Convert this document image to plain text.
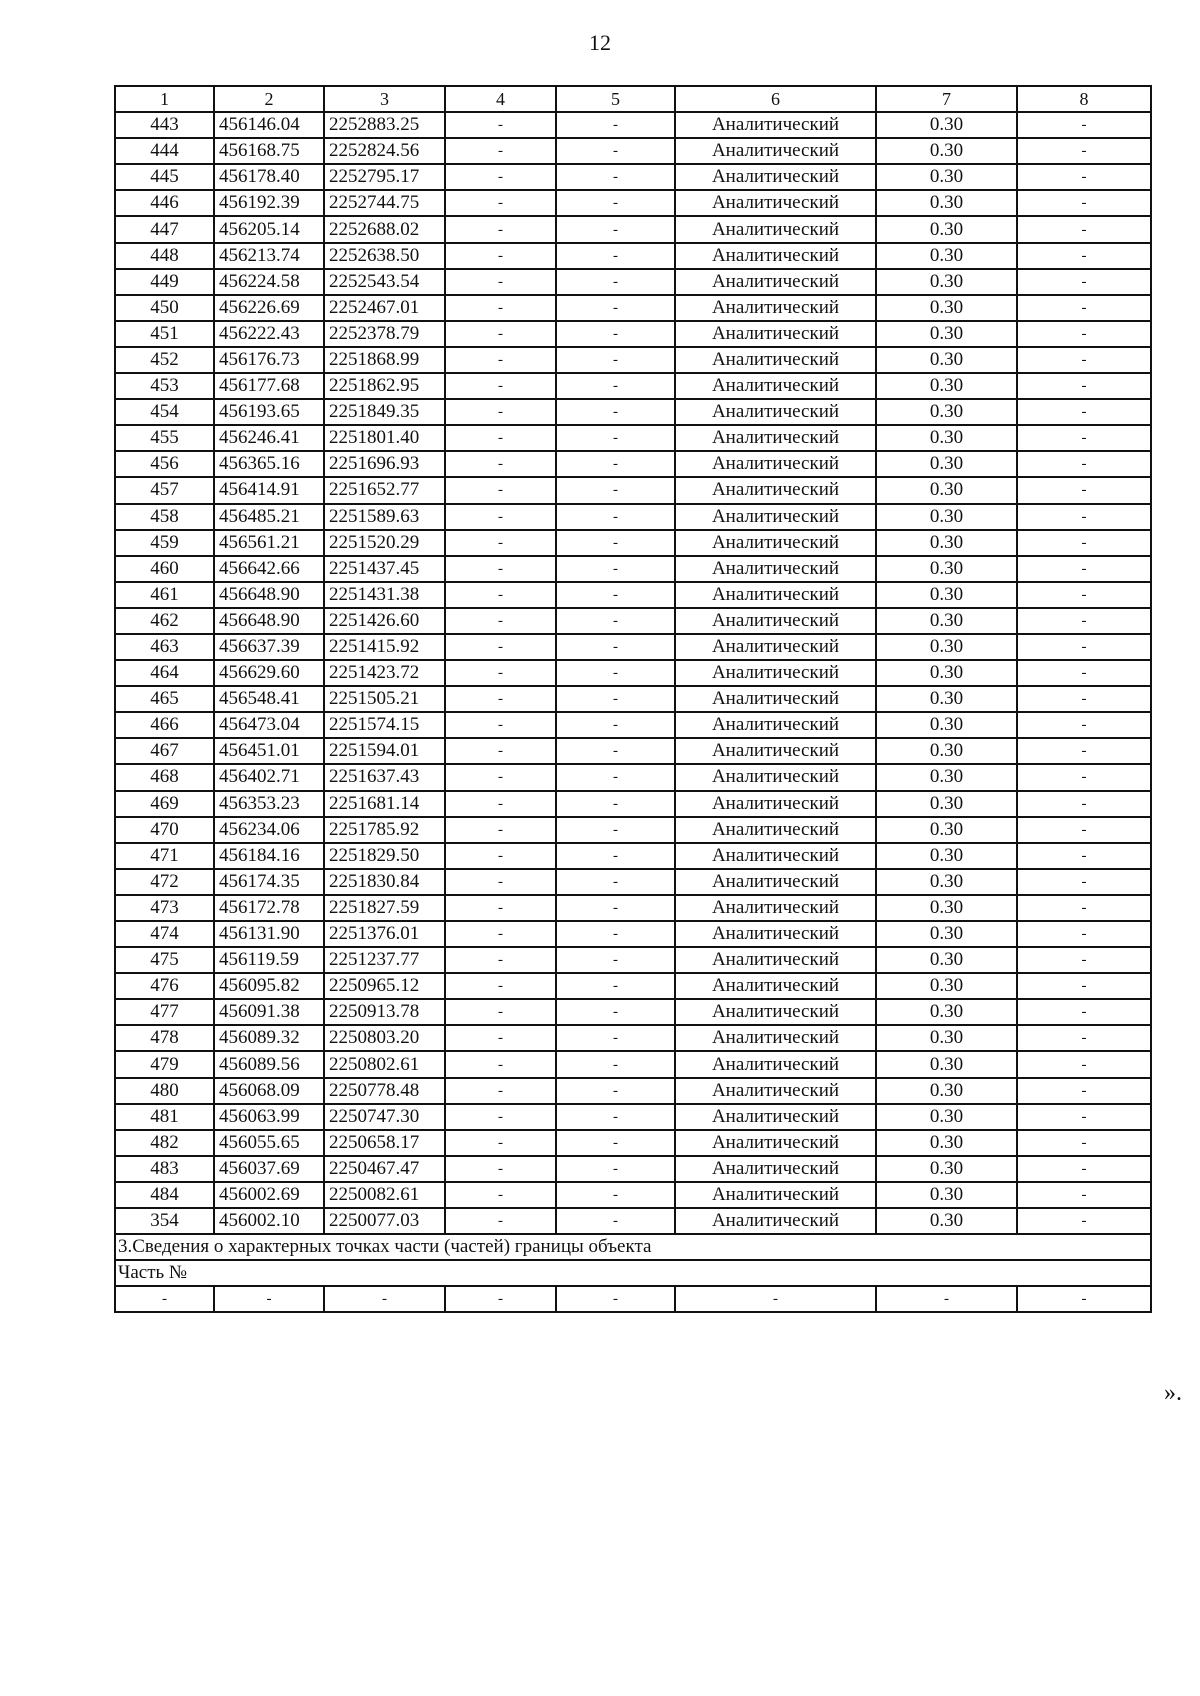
12
1	2	3	4	5	6	7	8
443	456146.04	2252883.25	-	-	Аналитический	0.30	-
444	456168.75	2252824.56	-	-	Аналитический	0.30	-
445	456178.40	2252795.17	-	-	Аналитический	0.30	-
446	456192.39	2252744.75	-	-	Аналитический	0.30	-
447	456205.14	2252688.02	-	-	Аналитический	0.30	-
448	456213.74	2252638.50	-	-	Аналитический	0.30	-
449	456224.58	2252543.54	-	-	Аналитический	0.30	-
450	456226.69	2252467.01	-	-	Аналитический	0.30	-
451	456222.43	2252378.79	-	-	Аналитический	0.30	-
452	456176.73	2251868.99	-	-	Аналитический	0.30	-
453	456177.68	2251862.95	-	-	Аналитический	0.30	-
454	456193.65	2251849.35	-	-	Аналитический	0.30	-
455	456246.41	2251801.40	-	-	Аналитический	0.30	-
456	456365.16	2251696.93	-	-	Аналитический	0.30	-
457	456414.91	2251652.77	-	-	Аналитический	0.30	-
458	456485.21	2251589.63	-	-	Аналитический	0.30	-
459	456561.21	2251520.29	-	-	Аналитический	0.30	-
460	456642.66	2251437.45	-	-	Аналитический	0.30	-
461	456648.90	2251431.38	-	-	Аналитический	0.30	-
462	456648.90	2251426.60	-	-	Аналитический	0.30	-
463	456637.39	2251415.92	-	-	Аналитический	0.30	-
464	456629.60	2251423.72	-	-	Аналитический	0.30	-
465	456548.41	2251505.21	-	-	Аналитический	0.30	-
466	456473.04	2251574.15	-	-	Аналитический	0.30	-
467	456451.01	2251594.01	-	-	Аналитический	0.30	-
468	456402.71	2251637.43	-	-	Аналитический	0.30	-
469	456353.23	2251681.14	-	-	Аналитический	0.30	-
470	456234.06	2251785.92	-	-	Аналитический	0.30	-
471	456184.16	2251829.50	-	-	Аналитический	0.30	-
472	456174.35	2251830.84	-	-	Аналитический	0.30	-
473	456172.78	2251827.59	-	-	Аналитический	0.30	-
474	456131.90	2251376.01	-	-	Аналитический	0.30	-
475	456119.59	2251237.77	-	-	Аналитический	0.30	-
476	456095.82	2250965.12	-	-	Аналитический	0.30	-
477	456091.38	2250913.78	-	-	Аналитический	0.30	-
478	456089.32	2250803.20	-	-	Аналитический	0.30	-
479	456089.56	2250802.61	-	-	Аналитический	0.30	-
480	456068.09	2250778.48	-	-	Аналитический	0.30	-
481	456063.99	2250747.30	-	-	Аналитический	0.30	-
482	456055.65	2250658.17	-	-	Аналитический	0.30	-
483	456037.69	2250467.47	-	-	Аналитический	0.30	-
484	456002.69	2250082.61	-	-	Аналитический	0.30	-
354	456002.10	2250077.03	-	-	Аналитический	0.30	-
3.Сведения о характерных точках части (частей) границы объекта							
Часть №							
-	-	-	-	-	-	-	-
».
